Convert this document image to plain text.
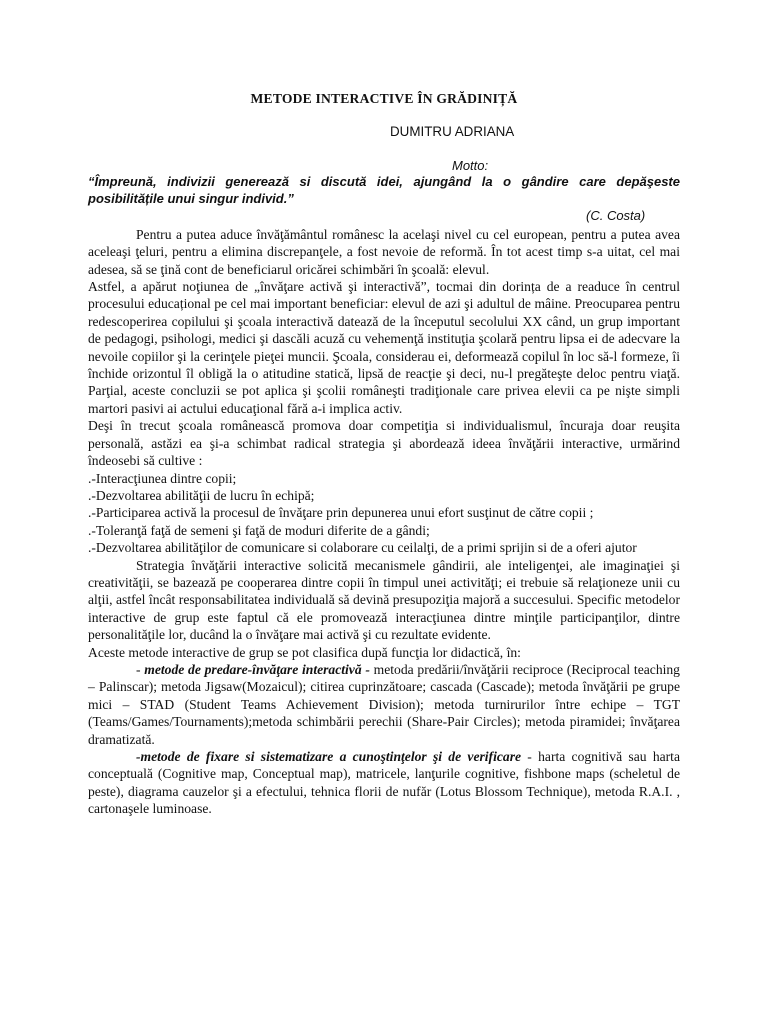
METODE INTERACTIVE ÎN GRĂDINIȚĂ
DUMITRU ADRIANA
Motto:
“Împreună, indivizii generează si discută idei, ajungând la o gândire care depăşeste posibilitățile unui singur individ.”
(C. Costa)

Pentru a putea aduce învăţământul românesc la acelaşi nivel cu cel european, pentru a putea avea aceleaşi ţeluri, pentru a elimina discrepanţele, a fost nevoie de reformă. În tot acest timp s-a uitat, cel mai adesea, să se ţină cont de beneficiarul oricărei schimbări în şcoală: elevul.

Astfel, a apărut noţiunea de „învăţare activă şi interactivă”, tocmai din dorința de a readuce în centrul procesului educațional pe cel mai important beneficiar: elevul de azi şi adultul de mâine. Preocuparea pentru redescoperirea copilului şi şcoala interactivă datează de la începutul secolului XX când, un grup important de pedagogi, psihologi, medici şi dascăli acuză cu vehemenţă instituţia şcolară pentru lipsa ei de adecvare la nevoile copiilor şi la cerinţele pieţei muncii. Şcoala, considerau ei, deformează copilul în loc să-l formeze, îi închide orizontul îl obligă la o atitudine statică, lipsă de reacţie şi deci, nu-l pregăteşte deloc pentru viaţă. Parţial, aceste concluzii se pot aplica şi şcolii româneşti tradiţionale care privea elevii ca pe nişte simpli martori pasivi ai actului educaţional fără a-i implica activ.

Deşi în trecut şcoala românească promova doar competiţia si individualismul, încuraja doar reuşita personală, astăzi ea şi-a schimbat radical strategia şi abordează ideea învăţării interactive, urmărind îndeosebi să cultive :

.-Interacţiunea dintre copii;

.-Dezvoltarea abilităţii de lucru în echipă;

.-Participarea activă la procesul de învăţare prin depunerea unui efort susţinut de către copii ;

.-Toleranţă faţă de semeni şi faţă de moduri diferite de a gândi;

.-Dezvoltarea abilităţilor de comunicare si colaborare cu ceilalţi, de a primi sprijin si de a oferi ajutor

Strategia învăţării interactive solicită mecanismele gândirii, ale inteligenţei, ale imaginaţiei şi creativităţii, se bazează pe cooperarea dintre copii în timpul unei activităţi; ei trebuie să relaţioneze unii cu alţii, astfel încât responsabilitatea individuală să devină presupoziţia majoră a succesului. Specific metodelor interactive de grup este faptul că ele promovează interacţiunea dintre minţile participanţilor, dintre personalităţile lor, ducând la o învăţare mai activă şi cu rezultate evidente.

Aceste metode interactive de grup se pot clasifica după funcţia lor didactică, în:

- metode de predare-învăţare interactivă - metoda predării/învăţării reciproce (Reciprocal teaching – Palinscar); metoda Jigsaw(Mozaicul); citirea cuprinzătoare; cascada (Cascade); metoda învăţării pe grupe mici – STAD (Student Teams Achievement Division); metoda turnirurilor între echipe – TGT (Teams/Games/Tournaments);metoda schimbării perechii (Share-Pair Circles); metoda piramidei; învăţarea dramatizată.

-metode de fixare si sistematizare a cunoştinţelor şi de verificare - harta cognitivă sau harta conceptuală (Cognitive map, Conceptual map), matricele, lanţurile cognitive, fishbone maps (scheletul de peste), diagrama cauzelor şi a efectului, tehnica florii de nufăr (Lotus Blossom Technique), metoda R.A.I. , cartonaşele luminoase.
